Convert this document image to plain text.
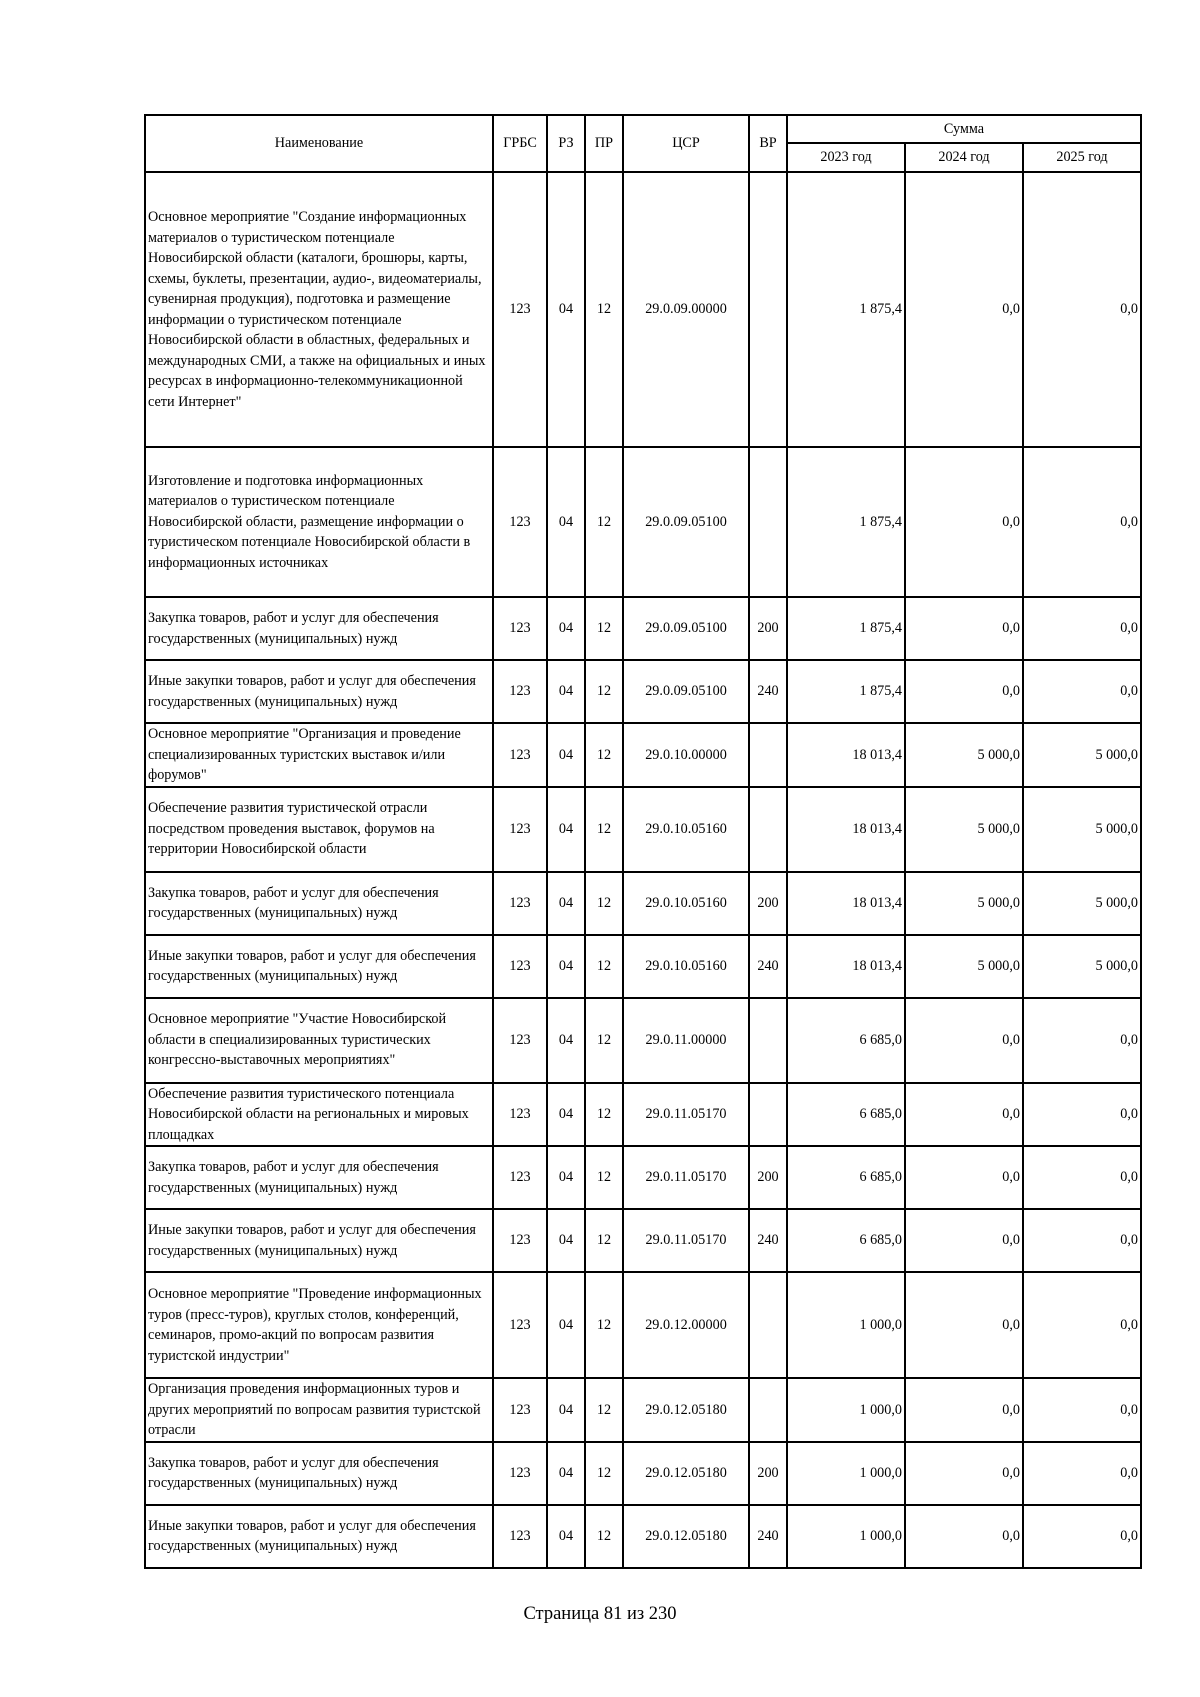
Наименование	ГРБС	РЗ	ПР	ЦСР	ВР	Сумма		
						2023 год	2024 год	2025 год
Основное мероприятие "Создание информационных материалов о туристическом потенциале Новосибирской области (каталоги, брошюры, карты, схемы, буклеты, презентации, аудио-, видеоматериалы, сувенирная продукция), подготовка и размещение информации о туристическом потенциале Новосибирской области в областных, федеральных и международных СМИ, а также на официальных и иных ресурсах в информационно-телекоммуникационной сети Интернет"	123	04	12	29.0.09.00000		1 875,4	0,0	0,0
Изготовление и подготовка информационных материалов о туристическом потенциале Новосибирской области, размещение информации о туристическом потенциале Новосибирской области в информационных источниках	123	04	12	29.0.09.05100		1 875,4	0,0	0,0
Закупка товаров, работ и услуг для обеспечения государственных (муниципальных) нужд	123	04	12	29.0.09.05100	200	1 875,4	0,0	0,0
Иные закупки товаров, работ и услуг для обеспечения государственных (муниципальных) нужд	123	04	12	29.0.09.05100	240	1 875,4	0,0	0,0
Основное мероприятие "Организация и проведение специализированных туристских выставок и/или форумов"	123	04	12	29.0.10.00000		18 013,4	5 000,0	5 000,0
Обеспечение развития туристической отрасли посредством проведения выставок, форумов на территории Новосибирской области	123	04	12	29.0.10.05160		18 013,4	5 000,0	5 000,0
Закупка товаров, работ и услуг для обеспечения государственных (муниципальных) нужд	123	04	12	29.0.10.05160	200	18 013,4	5 000,0	5 000,0
Иные закупки товаров, работ и услуг для обеспечения государственных (муниципальных) нужд	123	04	12	29.0.10.05160	240	18 013,4	5 000,0	5 000,0
Основное мероприятие "Участие Новосибирской области в специализированных туристических конгрессно-выставочных мероприятиях"	123	04	12	29.0.11.00000		6 685,0	0,0	0,0
Обеспечение развития туристического потенциала Новосибирской области на региональных и мировых площадках	123	04	12	29.0.11.05170		6 685,0	0,0	0,0
Закупка товаров, работ и услуг для обеспечения государственных (муниципальных) нужд	123	04	12	29.0.11.05170	200	6 685,0	0,0	0,0
Иные закупки товаров, работ и услуг для обеспечения государственных (муниципальных) нужд	123	04	12	29.0.11.05170	240	6 685,0	0,0	0,0
Основное мероприятие "Проведение информационных туров (пресс-туров), круглых столов, конференций, семинаров, промо-акций по вопросам развития туристской индустрии"	123	04	12	29.0.12.00000		1 000,0	0,0	0,0
Организация проведения информационных туров и других мероприятий по вопросам развития туристской отрасли	123	04	12	29.0.12.05180		1 000,0	0,0	0,0
Закупка товаров, работ и услуг для обеспечения государственных (муниципальных) нужд	123	04	12	29.0.12.05180	200	1 000,0	0,0	0,0
Иные закупки товаров, работ и услуг для обеспечения государственных (муниципальных) нужд	123	04	12	29.0.12.05180	240	1 000,0	0,0	0,0
Страница 81 из 230
